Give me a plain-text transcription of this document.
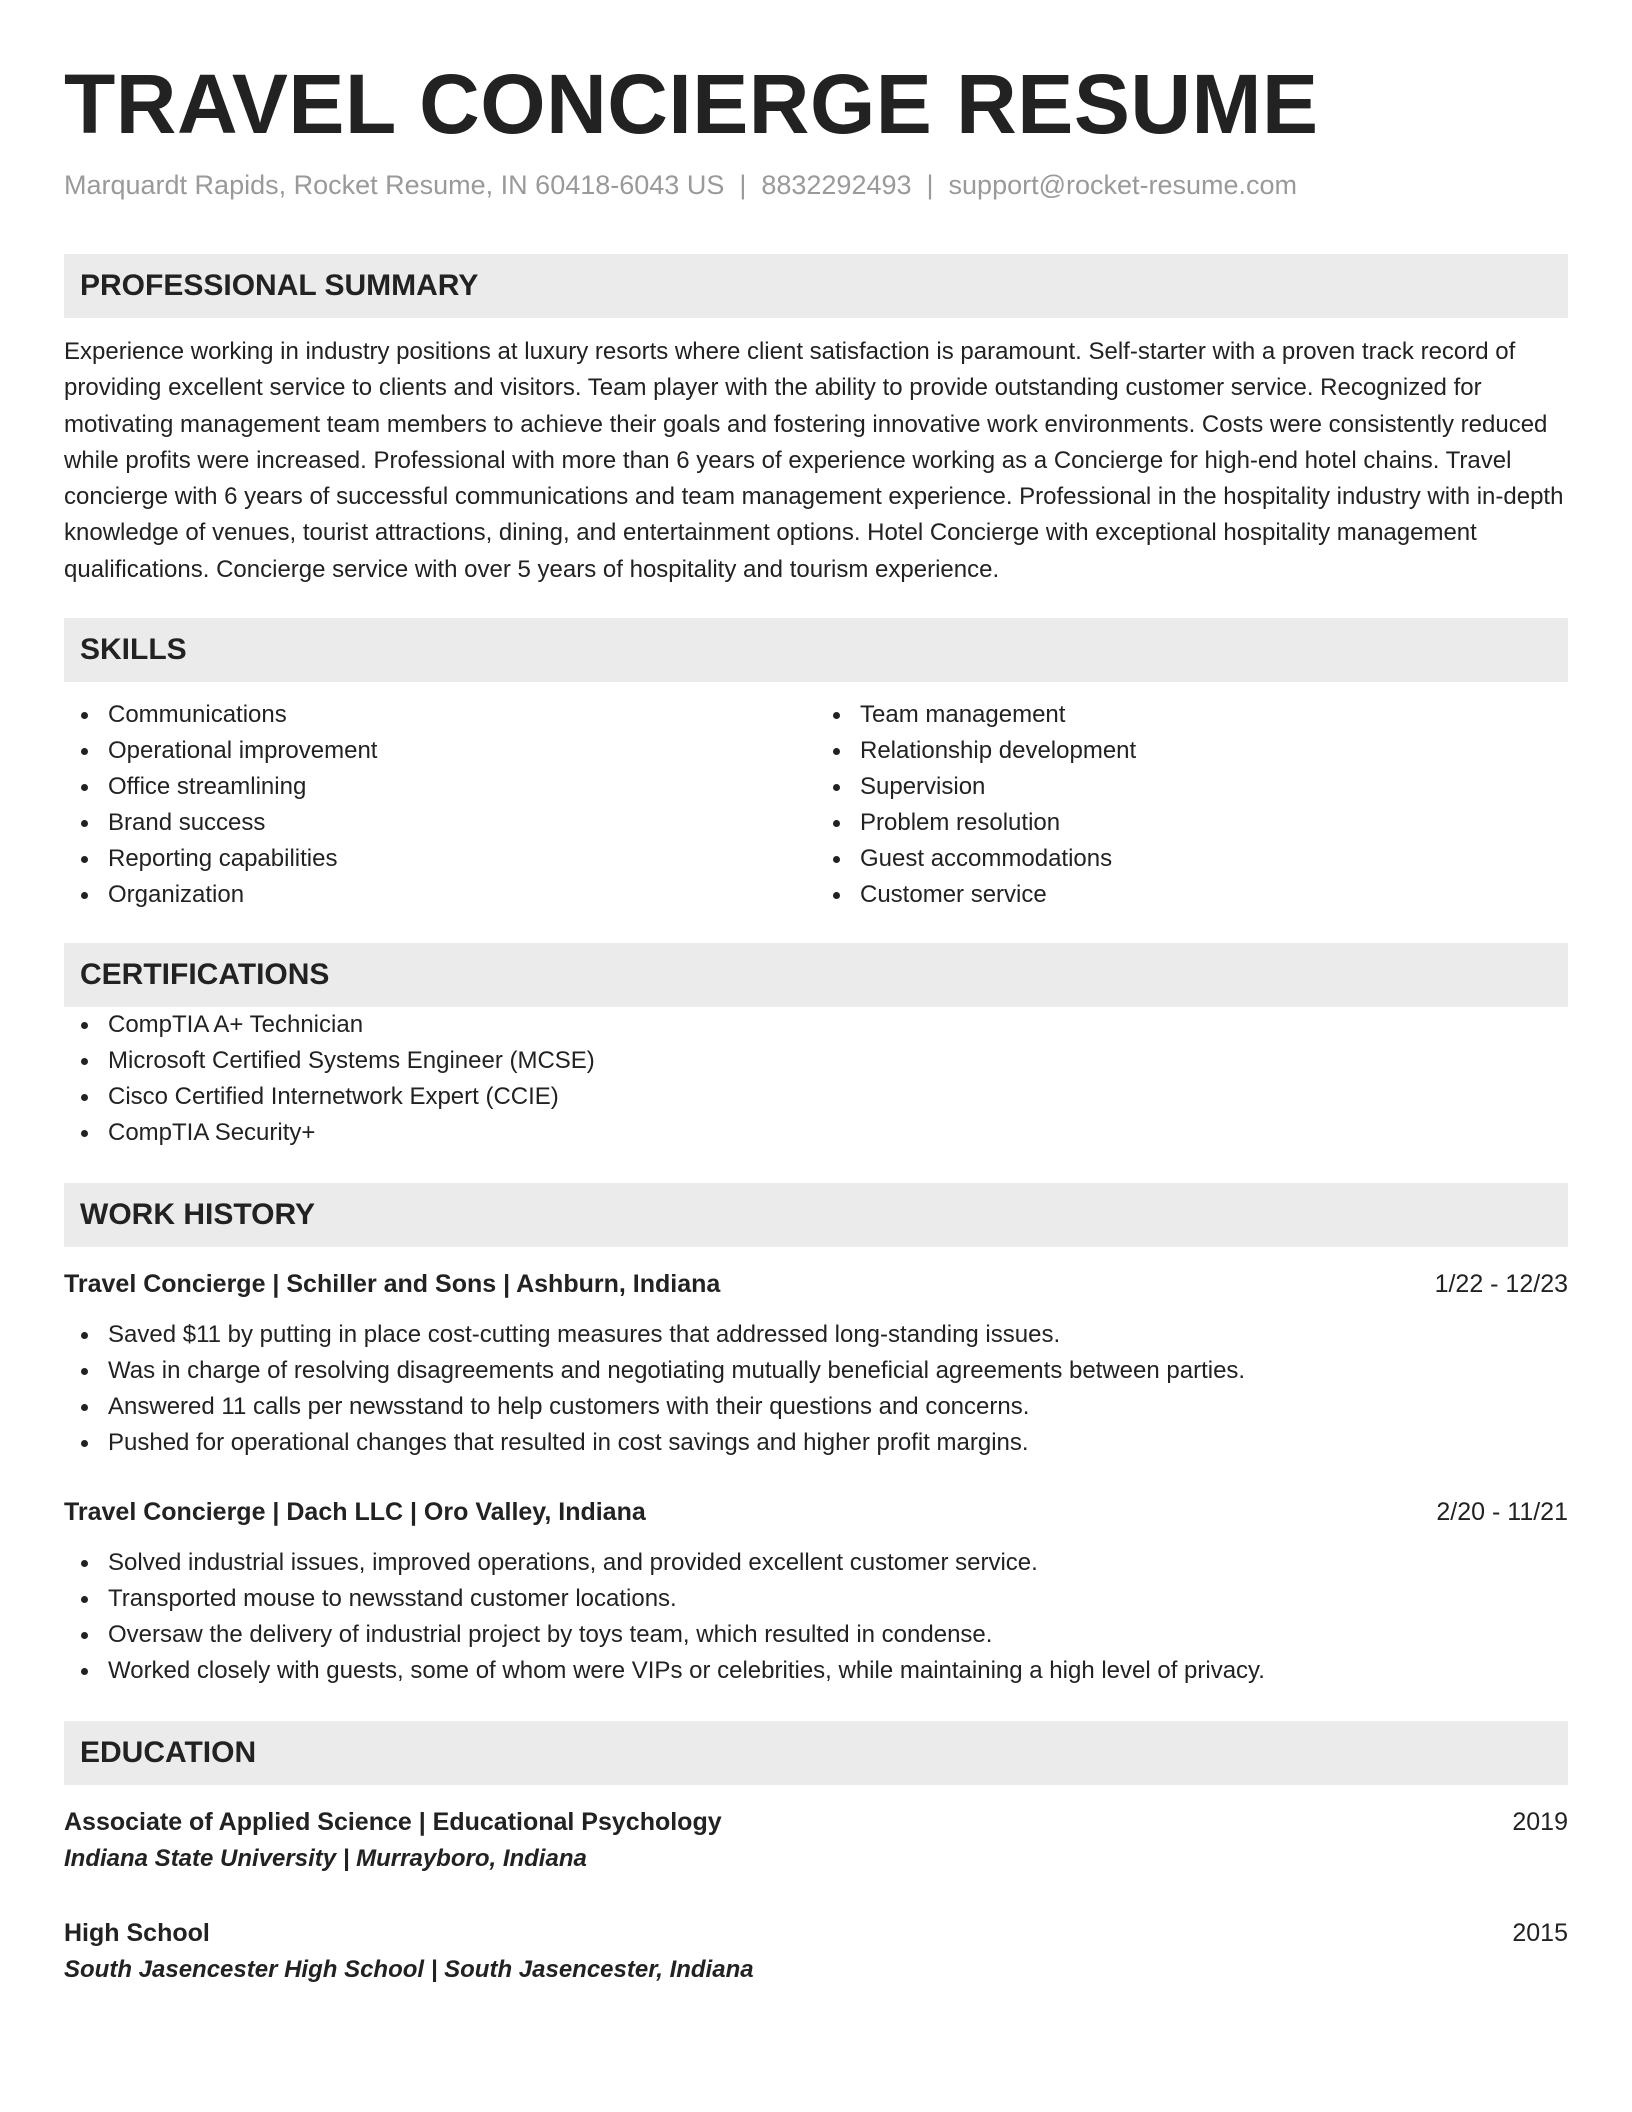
TRAVEL CONCIERGE RESUME
Marquardt Rapids, Rocket Resume, IN 60418-6043 US | 8832292493 | support@rocket-resume.com
PROFESSIONAL SUMMARY

Experience working in industry positions at luxury resorts where client satisfaction is paramount. Self-starter with a proven track record of providing excellent service to clients and visitors. Team player with the ability to provide outstanding customer service. Recognized for motivating management team members to achieve their goals and fostering innovative work environments. Costs were consistently reduced while profits were increased. Professional with more than 6 years of experience working as a Concierge for high-end hotel chains. Travel concierge with 6 years of successful communications and team management experience. Professional in the hospitality industry with in-depth knowledge of venues, tourist attractions, dining, and entertainment options. Hotel Concierge with exceptional hospitality management qualifications. Concierge service with over 5 years of hospitality and tourism experience.

SKILLS
Communications
Operational improvement
Office streamlining
Brand success
Reporting capabilities
Organization
Team management
Relationship development
Supervision
Problem resolution
Guest accommodations
Customer service
CERTIFICATIONS
CompTIA A+ Technician
Microsoft Certified Systems Engineer (MCSE)
Cisco Certified Internetwork Expert (CCIE)
CompTIA Security+
WORK HISTORY
Travel Concierge | Schiller and Sons | Ashburn, Indiana	1/22 - 12/23
Saved $11 by putting in place cost-cutting measures that addressed long-standing issues.
Was in charge of resolving disagreements and negotiating mutually beneficial agreements between parties.
Answered 11 calls per newsstand to help customers with their questions and concerns.
Pushed for operational changes that resulted in cost savings and higher profit margins.
Travel Concierge | Dach LLC | Oro Valley, Indiana	2/20 - 11/21
Solved industrial issues, improved operations, and provided excellent customer service.
Transported mouse to newsstand customer locations.
Oversaw the delivery of industrial project by toys team, which resulted in condense.
Worked closely with guests, some of whom were VIPs or celebrities, while maintaining a high level of privacy.
EDUCATION
Associate of Applied Science | Educational Psychology	2019
Indiana State University | Murrayboro, Indiana
High School	2015
South Jasencester High School | South Jasencester, Indiana
